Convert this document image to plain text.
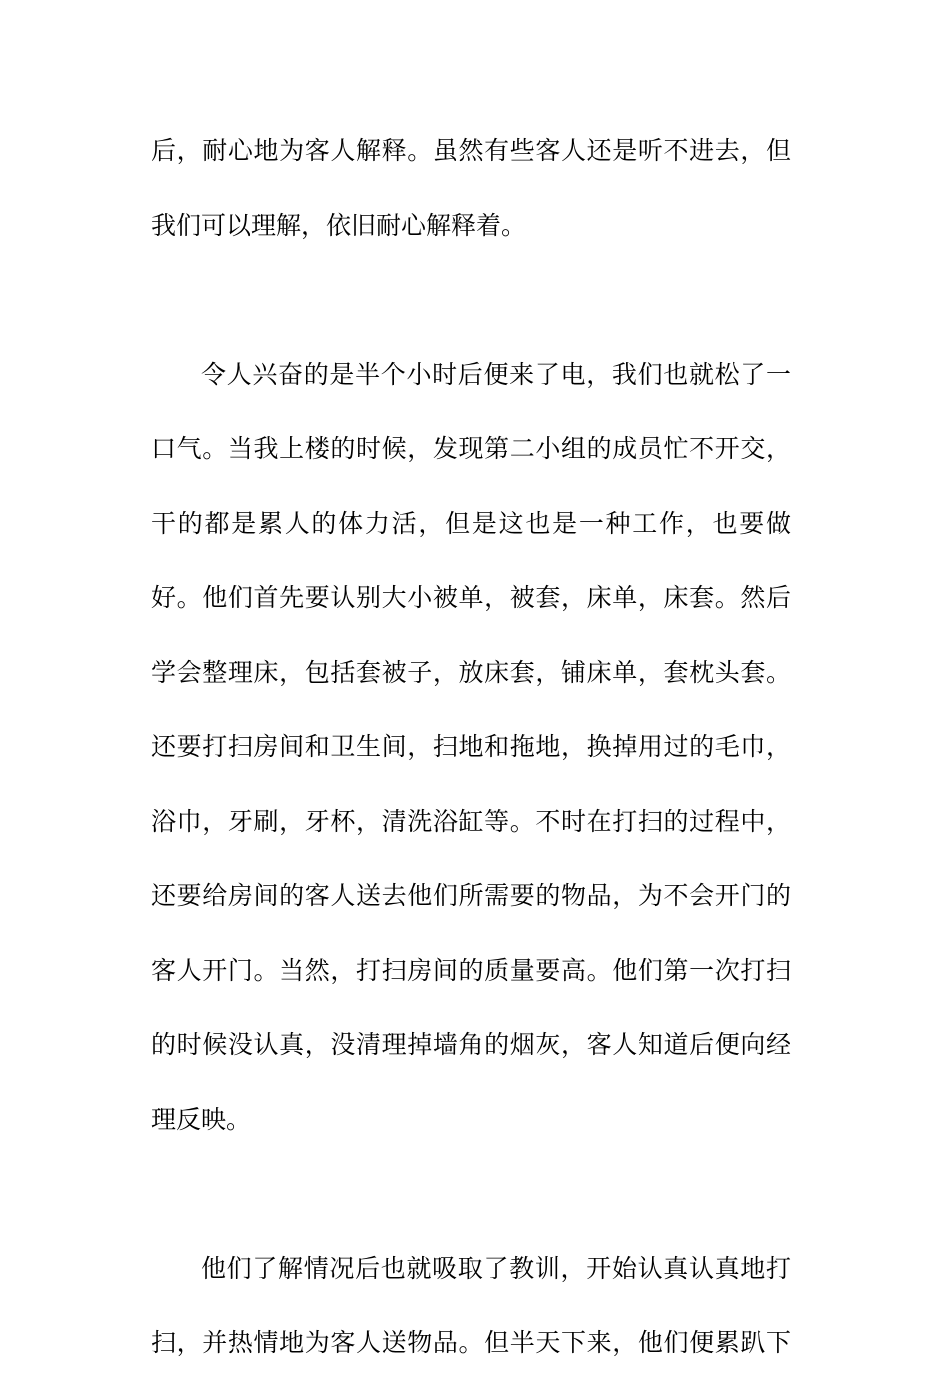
后，耐心地为客人解释。虽然有些客人还是听不进去，但
我们可以理解，依旧耐心解释着。
令人兴奋的是半个小时后便来了电，我们也就松了一
口气。当我上楼的时候，发现第二小组的成员忙不开交，
干的都是累人的体力活，但是这也是一种工作，也要做
好。他们首先要认别大小被单，被套，床单，床套。然后
学会整理床，包括套被子，放床套，铺床单，套枕头套。
还要打扫房间和卫生间，扫地和拖地，换掉用过的毛巾，
浴巾，牙刷，牙杯，清洗浴缸等。不时在打扫的过程中，
还要给房间的客人送去他们所需要的物品，为不会开门的
客人开门。当然，打扫房间的质量要高。他们第一次打扫
的时候没认真，没清理掉墙角的烟灰，客人知道后便向经
理反映。
他们了解情况后也就吸取了教训，开始认真认真地打
扫，并热情地为客人送物品。但半天下来，他们便累趴下
